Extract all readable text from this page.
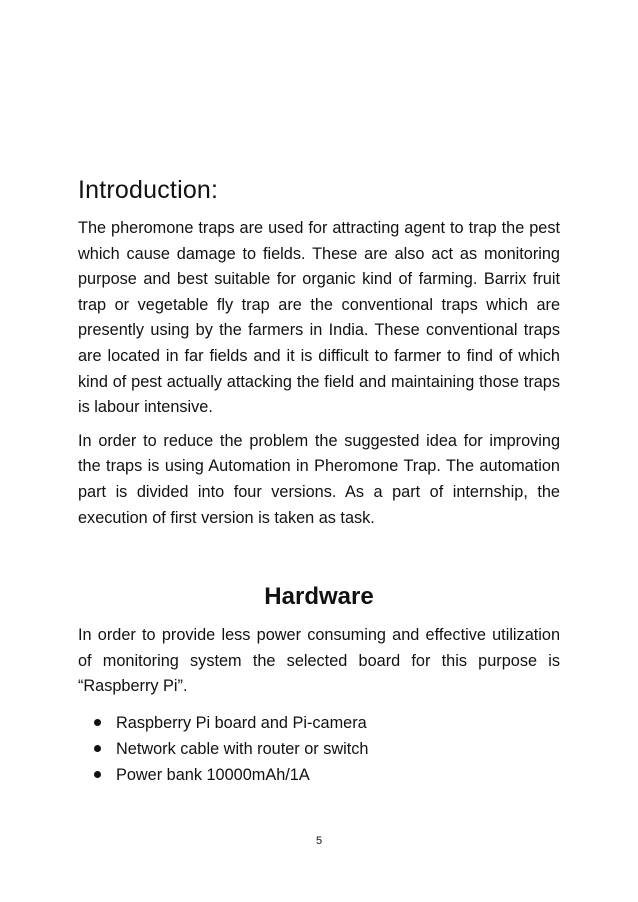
Introduction:

The pheromone traps are used for attracting agent to trap the pest which cause damage to fields. These are also act as monitoring purpose and best suitable for organic kind of farming. Barrix fruit trap or vegetable fly trap are the conventional traps which are presently using by the farmers in India. These conventional traps are located in far fields and it is difficult to farmer to find of which kind of pest actually attacking the field and maintaining those traps is labour intensive.

In order to reduce the problem the suggested idea for improving the traps is using Automation in Pheromone Trap. The automation part is divided into four versions. As a part of internship, the execution of first version is taken as task.

Hardware

In order to provide less power consuming and effective utilization of monitoring system the selected board for this purpose is “Raspberry Pi”.

Raspberry Pi board and Pi-camera
Network cable with router or switch
Power bank 10000mAh/1A
5
